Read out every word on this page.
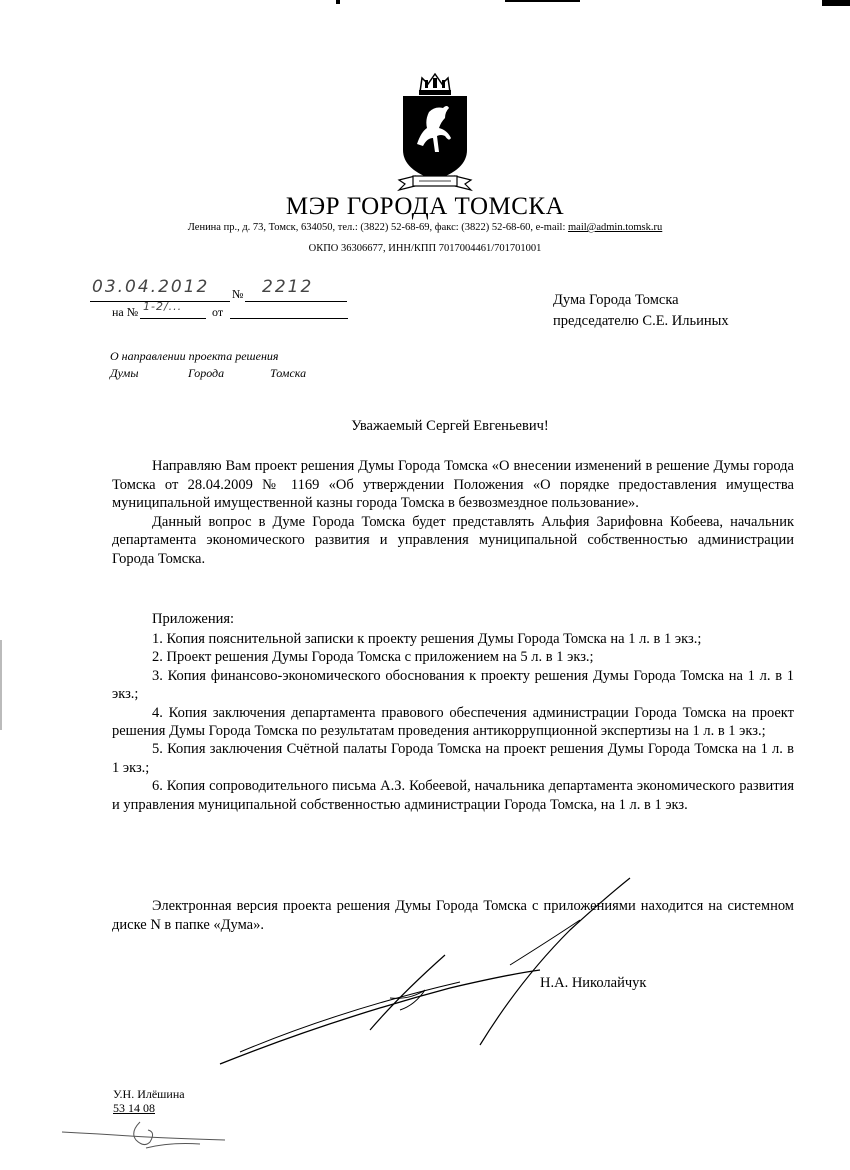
МЭР ГОРОДА ТОМСКА
Ленина пр., д. 73, Томск, 634050, тел.: (3822) 52-68-69, факс: (3822) 52-68-60, e-mail: mail@admin.tomsk.ru
ОКПО 36306677, ИНН/КПП 7017004461/701701001
03.04.2012 № 2212
на № 1-2/... от
Дума Города Томска
председателю С.Е. Ильиных
О направлении проекта решения
Думы	Города	Томска
Уважаемый Сергей Евгеньевич!

Направляю Вам проект решения Думы Города Томска «О внесении изменений в решение Думы города Томска от 28.04.2009 № 1169 «Об утверждении Положения «О порядке предоставления имущества муниципальной имущественной казны города Томска в безвозмездное пользование».

Данный вопрос в Думе Города Томска будет представлять Альфия Зарифовна Кобеева, начальник департамента экономического развития и управления муниципальной собственностью администрации Города Томска.

Приложения:

1. Копия пояснительной записки к проекту решения Думы Города Томска на 1 л. в 1 экз.;

2. Проект решения Думы Города Томска с приложением на 5 л. в 1 экз.;

3. Копия финансово-экономического обоснования к проекту решения Думы Города Томска на 1 л. в 1 экз.;

4. Копия заключения департамента правового обеспечения администрации Города Томска на проект решения Думы Города Томска по результатам проведения антикоррупционной экспертизы на 1 л. в 1 экз.;

5. Копия заключения Счётной палаты Города Томска на проект решения Думы Города Томска на 1 л. в 1 экз.;

6. Копия сопроводительного письма А.З. Кобеевой, начальника департамента экономического развития и управления муниципальной собственностью администрации Города Томска, на 1 л. в 1 экз.

Электронная версия проекта решения Думы Города Томска с приложениями находится на системном диске N в папке «Дума».

Н.А. Николайчук
У.Н. Илёшина
53 14 08
